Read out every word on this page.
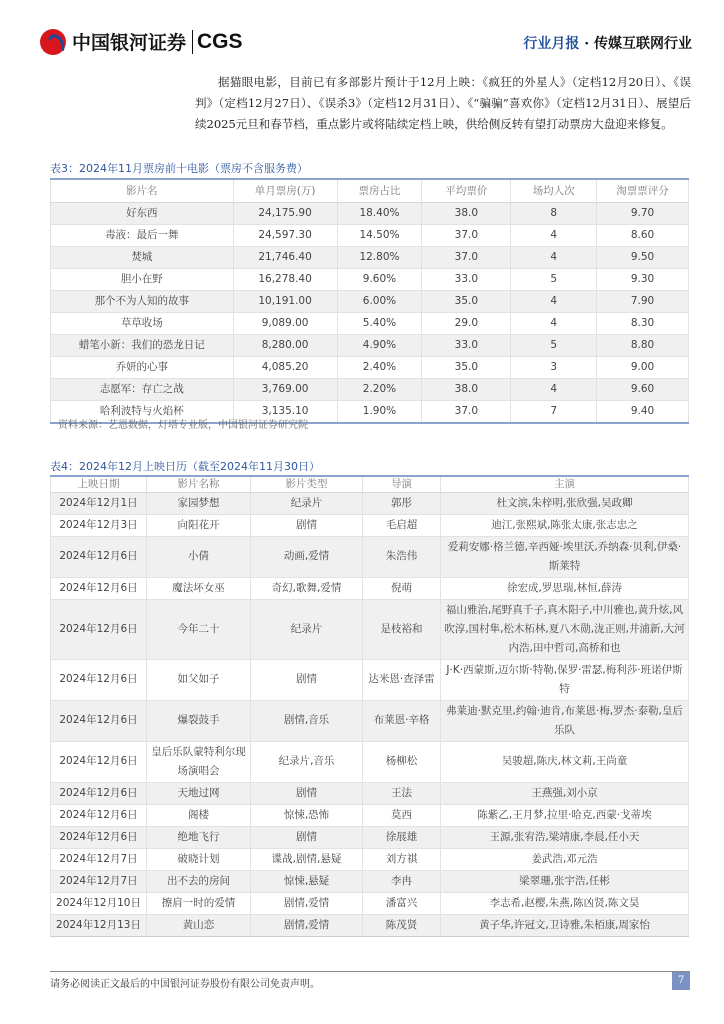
中国银河证券 CGS	行业月报 · 传媒互联网行业

据猫眼电影，目前已有多部影片预计于12月上映：《疯狂的外星人》（定档12月20日）、《误判》（定档12月27日）、《误杀3》（定档12月31日）、《“骗骗”喜欢你》（定档12月31日）、展望后续2025元旦和春节档，重点影片或将陆续定档上映，供给侧反转有望打动票房大盘迎来修复。

表3：2024年11月票房前十电影（票房不含服务费）
影片名	单月票房(万)	票房占比	平均票价	场均人次	淘票票评分
好东西	24,175.90	18.40%	38.0	8	9.70
毒液：最后一舞	24,597.30	14.50%	37.0	4	8.60
焚城	21,746.40	12.80%	37.0	4	9.50
胆小在野	16,278.40	9.60%	33.0	5	9.30
那个不为人知的故事	10,191.00	6.00%	35.0	4	7.90
草草收场	9,089.00	5.40%	29.0	4	8.30
蜡笔小新：我们的恐龙日记	8,280.00	4.90%	33.0	5	8.80
乔妍的心事	4,085.20	2.40%	35.0	3	9.00
志愿军：存亡之战	3,769.00	2.20%	38.0	4	9.60
哈利波特与火焰杯	3,135.10	1.90%	37.0	7	9.40
资料来源：艺恩数据，灯塔专业版，中国银河证券研究院
表4：2024年12月上映日历（截至2024年11月30日）
上映日期	影片名称	影片类型	导演	主演
2024年12月1日	家园梦想	纪录片	郭彤	杜文滨,朱梓明,张欣强,吴政卿
2024年12月3日	向阳花开	剧情	毛启超	迪江,张熙斌,陈张太康,张志忠之
2024年12月6日	小倩	动画,爱情	朱浩伟	爱莉安娜·格兰德,辛西娅·埃里沃,乔纳森·贝利,伊桑·斯莱特
2024年12月6日	魔法坏女巫	奇幻,歌舞,爱情	倪萌	徐宏成,罗思瑞,林恒,薛涛
2024年12月6日	今年二十	纪录片	是枝裕和	福山雅治,尾野真千子,真木阳子,中川雅也,黄升炫,风吹淳,国村隼,松木柘林,夏八木勋,泷正则,井浦新,大河内浩,田中哲司,高桥和也
2024年12月6日	如父如子	剧情	达米恩·查泽雷	J·K·西蒙斯,迈尔斯·特勒,保罗·雷瑟,梅利莎·班诺伊斯特
2024年12月6日	爆裂鼓手	剧情,音乐	布莱恩·辛格	弗莱迪·默克里,约翰·迪肯,布莱恩·梅,罗杰·泰勒,皇后乐队
2024年12月6日	皇后乐队蒙特利尔现场演唱会	纪录片,音乐	杨柳松	吴骏超,陈庆,林文莉,王尚童
2024年12月6日	天地过网	剧情	王法	王燕强,刘小京
2024年12月6日	阁楼	惊悚,恐怖	莫西	陈紫乙,王月梦,拉里·哈克,西蒙·戈蒂埃
2024年12月6日	绝地飞行	剧情	徐展雄	王源,张宥浩,梁靖康,李晨,任小天
2024年12月7日	破晓计划	谍战,剧情,悬疑	刘方祺	姜武浩,邓元浩
2024年12月7日	出不去的房间	惊悚,悬疑	李冉	梁翠珊,张宇浩,任彬
2024年12月10日	擦肩一时的爱情	剧情,爱情	潘富兴	李志希,赵樱,朱燕,陈凶贤,陈文昊
2024年12月13日	黄山恋	剧情,爱情	陈茂贤	黄子华,许冠文,卫诗雅,朱栢康,周家怡
请务必阅读正文最后的中国银河证券股份有限公司免责声明。	7
